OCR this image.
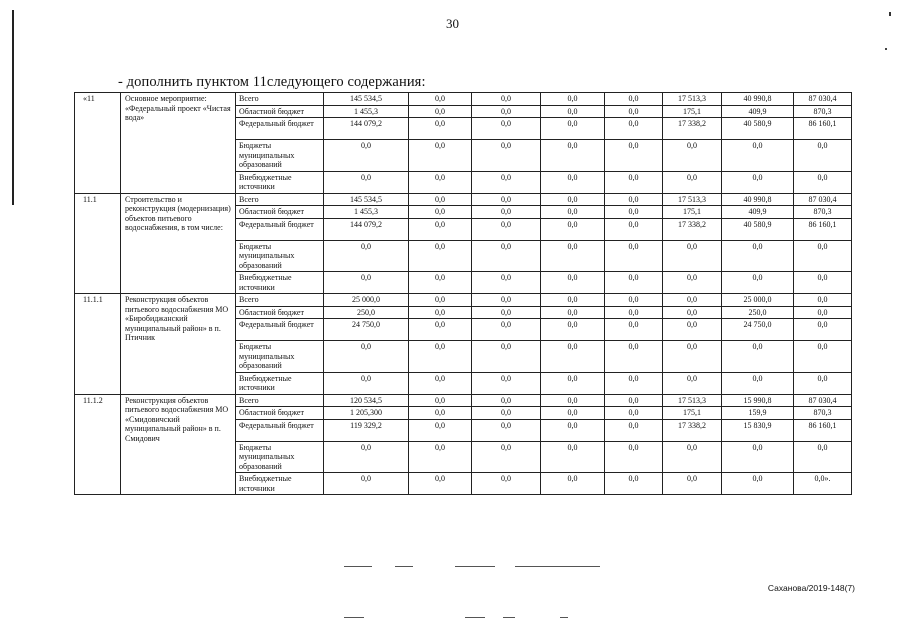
30
- дополнить пунктом 11следующего содержания:
«11	Основное мероприятие: «Федеральный проект «Чистая вода»	Всего	145 534,5	0,0	0,0	0,0	0,0	17 513,3	40 990,8	87 030,4
		Областной бюджет	1 455,3	0,0	0,0	0,0	0,0	175,1	409,9	870,3
		Федеральный бюджет	144 079,2	0,0	0,0	0,0	0,0	17 338,2	40 580,9	86 160,1
		Бюджеты муниципальных образований	0,0	0,0	0,0	0,0	0,0	0,0	0,0	0,0
		Внебюджетные источники	0,0	0,0	0,0	0,0	0,0	0,0	0,0	0,0
11.1	Строительство и реконструкция (модернизация) объектов питьевого водоснабжения, в том числе:	Всего	145 534,5	0,0	0,0	0,0	0,0	17 513,3	40 990,8	87 030,4
		Областной бюджет	1 455,3	0,0	0,0	0,0	0,0	175,1	409,9	870,3
		Федеральный бюджет	144 079,2	0,0	0,0	0,0	0,0	17 338,2	40 580,9	86 160,1
		Бюджеты муниципальных образований	0,0	0,0	0,0	0,0	0,0	0,0	0,0	0,0
		Внебюджетные источники	0,0	0,0	0,0	0,0	0,0	0,0	0,0	0,0
11.1.1	Реконструкция объектов питьевого водоснабжения МО «Биробиджанский муниципальный район» в п. Птичник	Всего	25 000,0	0,0	0,0	0,0	0,0	0,0	25 000,0	0,0
		Областной бюджет	250,0	0,0	0,0	0,0	0,0	0,0	250,0	0,0
		Федеральный бюджет	24 750,0	0,0	0,0	0,0	0,0	0,0	24 750,0	0,0
		Бюджеты муниципальных образований	0,0	0,0	0,0	0,0	0,0	0,0	0,0	0,0
		Внебюджетные источники	0,0	0,0	0,0	0,0	0,0	0,0	0,0	0,0
11.1.2	Реконструкция объектов питьевого водоснабжения МО «Смидовичский муниципальный район» в п. Смидович	Всего	120 534,5	0,0	0,0	0,0	0,0	17 513,3	15 990,8	87 030,4
		Областной бюджет	1 205,300	0,0	0,0	0,0	0,0	175,1	159,9	870,3
		Федеральный бюджет	119 329,2	0,0	0,0	0,0	0,0	17 338,2	15 830,9	86 160,1
		Бюджеты муниципальных образований	0,0	0,0	0,0	0,0	0,0	0,0	0,0	0,0
		Внебюджетные источники	0,0	0,0	0,0	0,0	0,0	0,0	0,0	0,0».
Саханова/2019-148(7)
